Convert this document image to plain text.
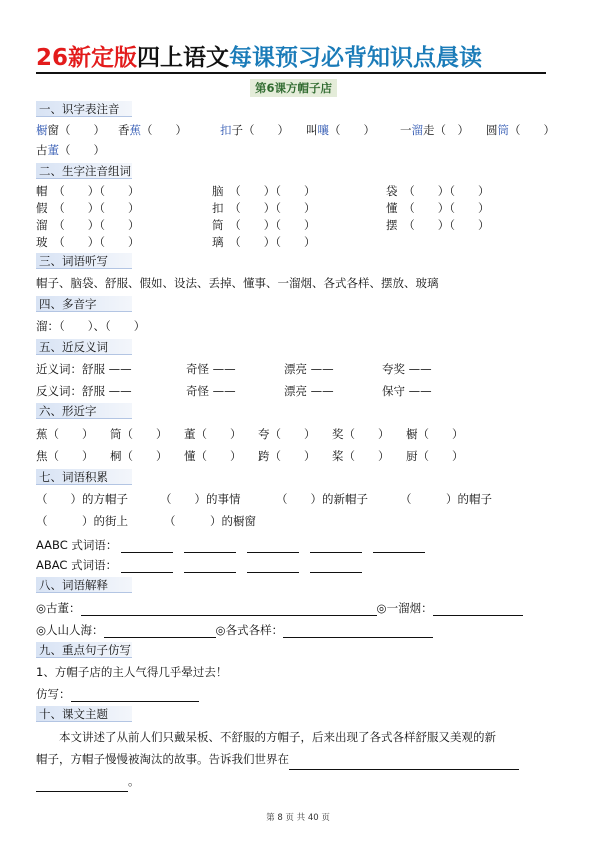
26新定版四上语文每课预习必背知识点晨读
第6课方帽子店
一、识字表注音
橱窗（　　） 香蕉（　　）	扣子（　　） 叫嚷（　　） 一溜走（　） 圆筒（　　）
古董（　　）
二、生字注音组词
帽　（　　）（　　）	脑　（　　）（　　）	袋　（　　）（　　）
假　（　　）（　　）	扣　（　　）（　　）	懂　（　　）（　　）
溜　（　　）（　　）	筒　（　　）（　　）	摆　（　　）（　　）
玻　（　　）（　　）	璃　（　　）（　　）
三、词语听写
帽子、脑袋、舒服、假如、设法、丢掉、懂事、一溜烟、各式各样、摆放、玻璃
四、多音字
溜：（　　）、（　　）
五、近反义词
近义词：舒服 ——	奇怪 ——	漂亮 ——	夸奖 ——
反义词：舒服 ——	奇怪 ——	漂亮 ——	保守 ——
六、形近字
蕉（　　） 筒（　　） 董（　　） 夸（　　） 奖（　　） 橱（　　）
焦（　　） 桐（　　） 懂（　　） 跨（　　） 桨（　　） 厨（　　）
七、词语积累
（　　）的方帽子	（　　）的事情	（　　）的新帽子	（　　　）的帽子
（　　　）的街上	（　　　）的橱窗
AABC 式词语：
ABAC 式词语：
八、词语解释
◎古董：	◎一溜烟：
◎人山人海：	◎各式各样：
九、重点句子仿写
1、方帽子店的主人气得几乎晕过去！
仿写：
十、课文主题
本文讲述了从前人们只戴呆板、不舒服的方帽子，后来出现了各式各样舒服又美观的新
帽子，方帽子慢慢被淘汰的故事。告诉我们世界在
。
第 8 页 共 40 页
